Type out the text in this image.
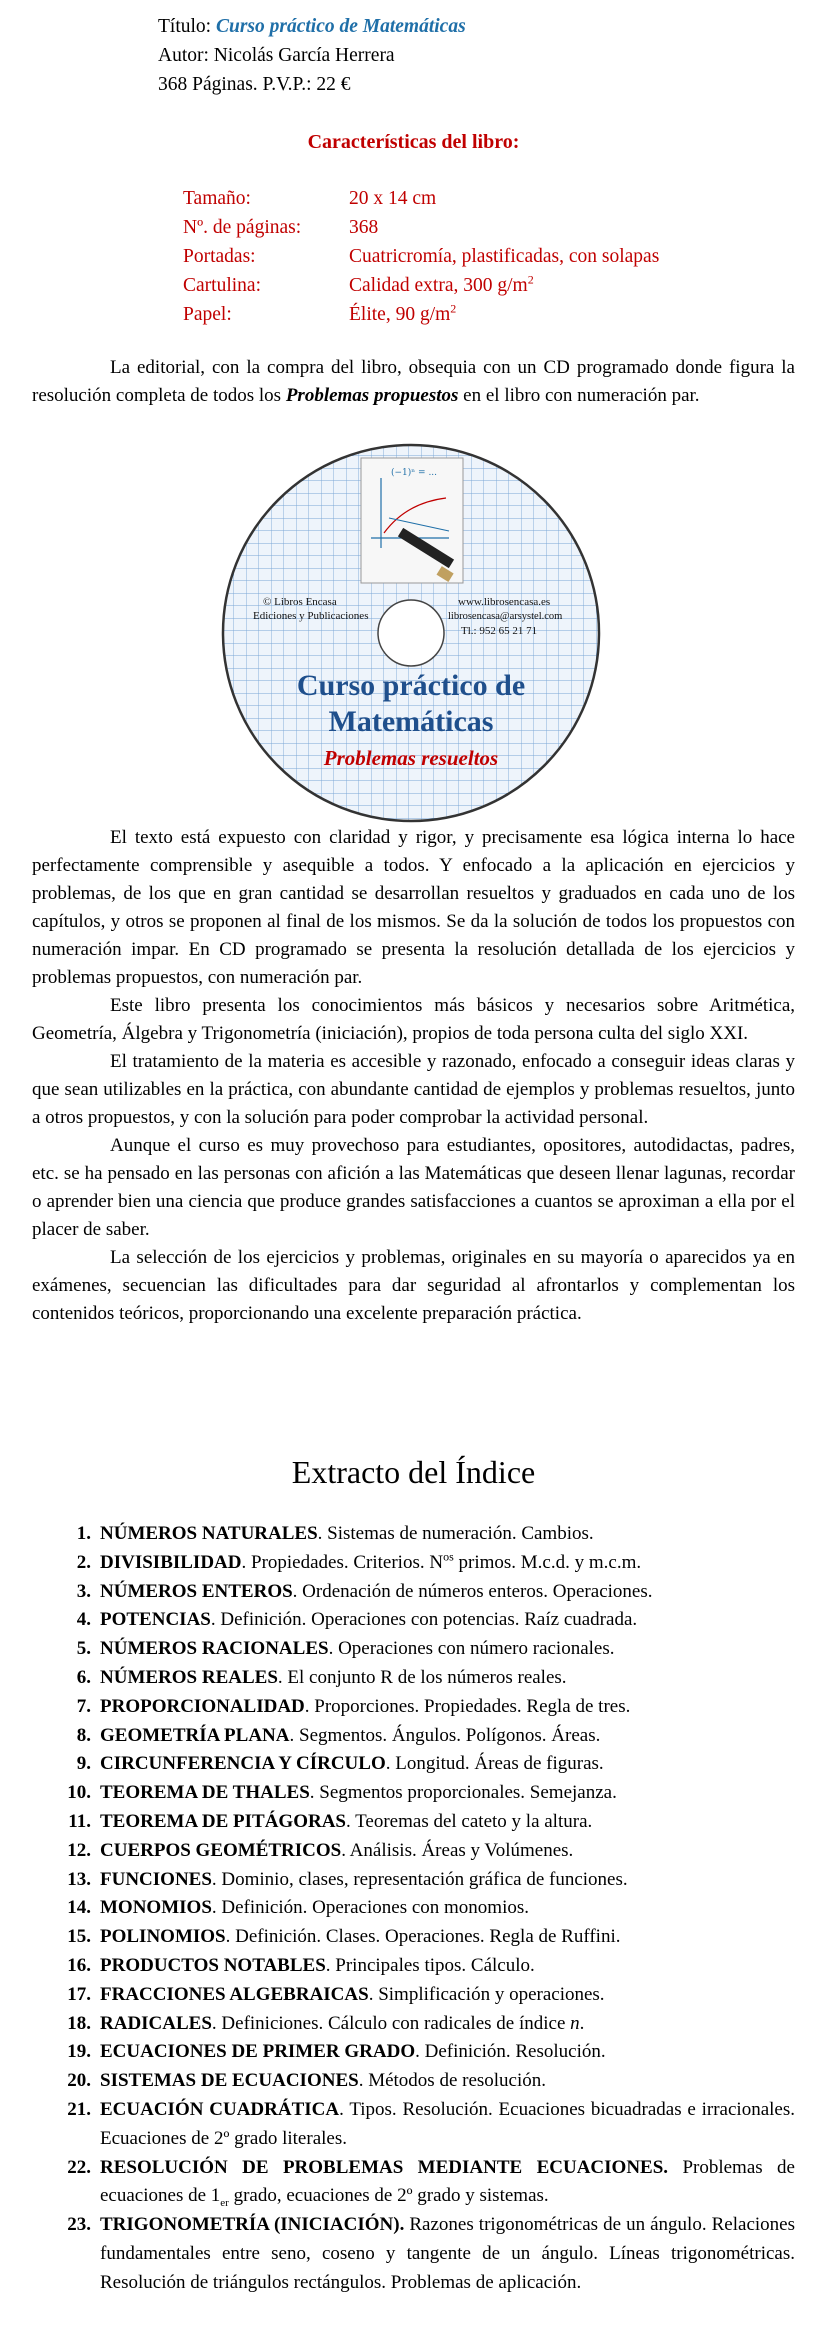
Título: Curso práctico de Matemáticas
Autor: Nicolás García Herrera
368 Páginas. P.V.P.: 22 €
Características del libro:
Tamaño:	20 x 14 cm
Nº. de páginas:	368
Portadas:	Cuatricromía, plastificadas, con solapas
Cartulina:	Calidad extra, 300 $g/m^2$
Papel:	Élite, 90 $g/m^2$

La editorial, con la compra del libro, obsequia con un CD programado donde figura la resolución completa de todos los Problemas propuestos en el libro con numeración par.

(−1)ⁿ = ...
© Libros Encasa
Ediciones y Publicaciones
www.librosencasa.es
librosencasa@arsystel.com
Tl.: 952 65 21 71
Curso práctico de
Matemáticas
Problemas resueltos

El texto está expuesto con claridad y rigor, y precisamente esa lógica interna lo hace perfectamente comprensible y asequible a todos. Y enfocado a la aplicación en ejercicios y problemas, de los que en gran cantidad se desarrollan resueltos y graduados en cada uno de los capítulos, y otros se proponen al final de los mismos. Se da la solución de todos los propuestos con numeración impar. En CD programado se presenta la resolución detallada de los ejercicios y problemas propuestos, con numeración par.

Este libro presenta los conocimientos más básicos y necesarios sobre Aritmética, Geometría, Álgebra y Trigonometría (iniciación), propios de toda persona culta del siglo XXI.

El tratamiento de la materia es accesible y razonado, enfocado a conseguir ideas claras y que sean utilizables en la práctica, con abundante cantidad de ejemplos y problemas resueltos, junto a otros propuestos, y con la solución para poder comprobar la actividad personal.

Aunque el curso es muy provechoso para estudiantes, opositores, autodidactas, padres, etc. se ha pensado en las personas con afición a las Matemáticas que deseen llenar lagunas, recordar o aprender bien una ciencia que produce grandes satisfacciones a cuantos se aproximan a ella por el placer de saber.

La selección de los ejercicios y problemas, originales en su mayoría o aparecidos ya en exámenes, secuencian las dificultades para dar seguridad al afrontarlos y complementan los contenidos teóricos, proporcionando una excelente preparación práctica.

Extracto del Índice
1. NÚMEROS NATURALES. Sistemas de numeración. Cambios.
2. DIVISIBILIDAD. Propiedades. Criterios. $N^{os}$ primos. M.c.d. y m.c.m.
3. NÚMEROS ENTEROS. Ordenación de números enteros. Operaciones.
4. POTENCIAS. Definición. Operaciones con potencias. Raíz cuadrada.
5. NÚMEROS RACIONALES. Operaciones con número racionales.
6. NÚMEROS REALES. El conjunto R de los números reales.
7. PROPORCIONALIDAD. Proporciones. Propiedades. Regla de tres.
8. GEOMETRÍA PLANA. Segmentos. Ángulos. Polígonos. Áreas.
9. CIRCUNFERENCIA Y CÍRCULO. Longitud. Áreas de figuras.
10. TEOREMA DE THALES. Segmentos proporcionales. Semejanza.
11. TEOREMA DE PITÁGORAS. Teoremas del cateto y la altura.
12. CUERPOS GEOMÉTRICOS. Análisis. Áreas y Volúmenes.
13. FUNCIONES. Dominio, clases, representación gráfica de funciones.
14. MONOMIOS. Definición. Operaciones con monomios.
15. POLINOMIOS. Definición. Clases. Operaciones. Regla de Ruffini.
16. PRODUCTOS NOTABLES. Principales tipos. Cálculo.
17. FRACCIONES ALGEBRAICAS. Simplificación y operaciones.
18. RADICALES. Definiciones. Cálculo con radicales de índice n.
19. ECUACIONES DE PRIMER GRADO. Definición. Resolución.
20. SISTEMAS DE ECUACIONES. Métodos de resolución.
21. ECUACIÓN CUADRÁTICA. Tipos. Resolución. Ecuaciones bicuadradas e irracionales. Ecuaciones de 2º grado literales.
22. RESOLUCIÓN DE PROBLEMAS MEDIANTE ECUACIONES. Problemas de ecuaciones de $1_{er}$ grado, ecuaciones de 2º grado y sistemas.
23. TRIGONOMETRÍA (INICIACIÓN). Razones trigonométricas de un ángulo. Relaciones fundamentales entre seno, coseno y tangente de un ángulo. Líneas trigonométricas. Resolución de triángulos rectángulos. Problemas de aplicación.
